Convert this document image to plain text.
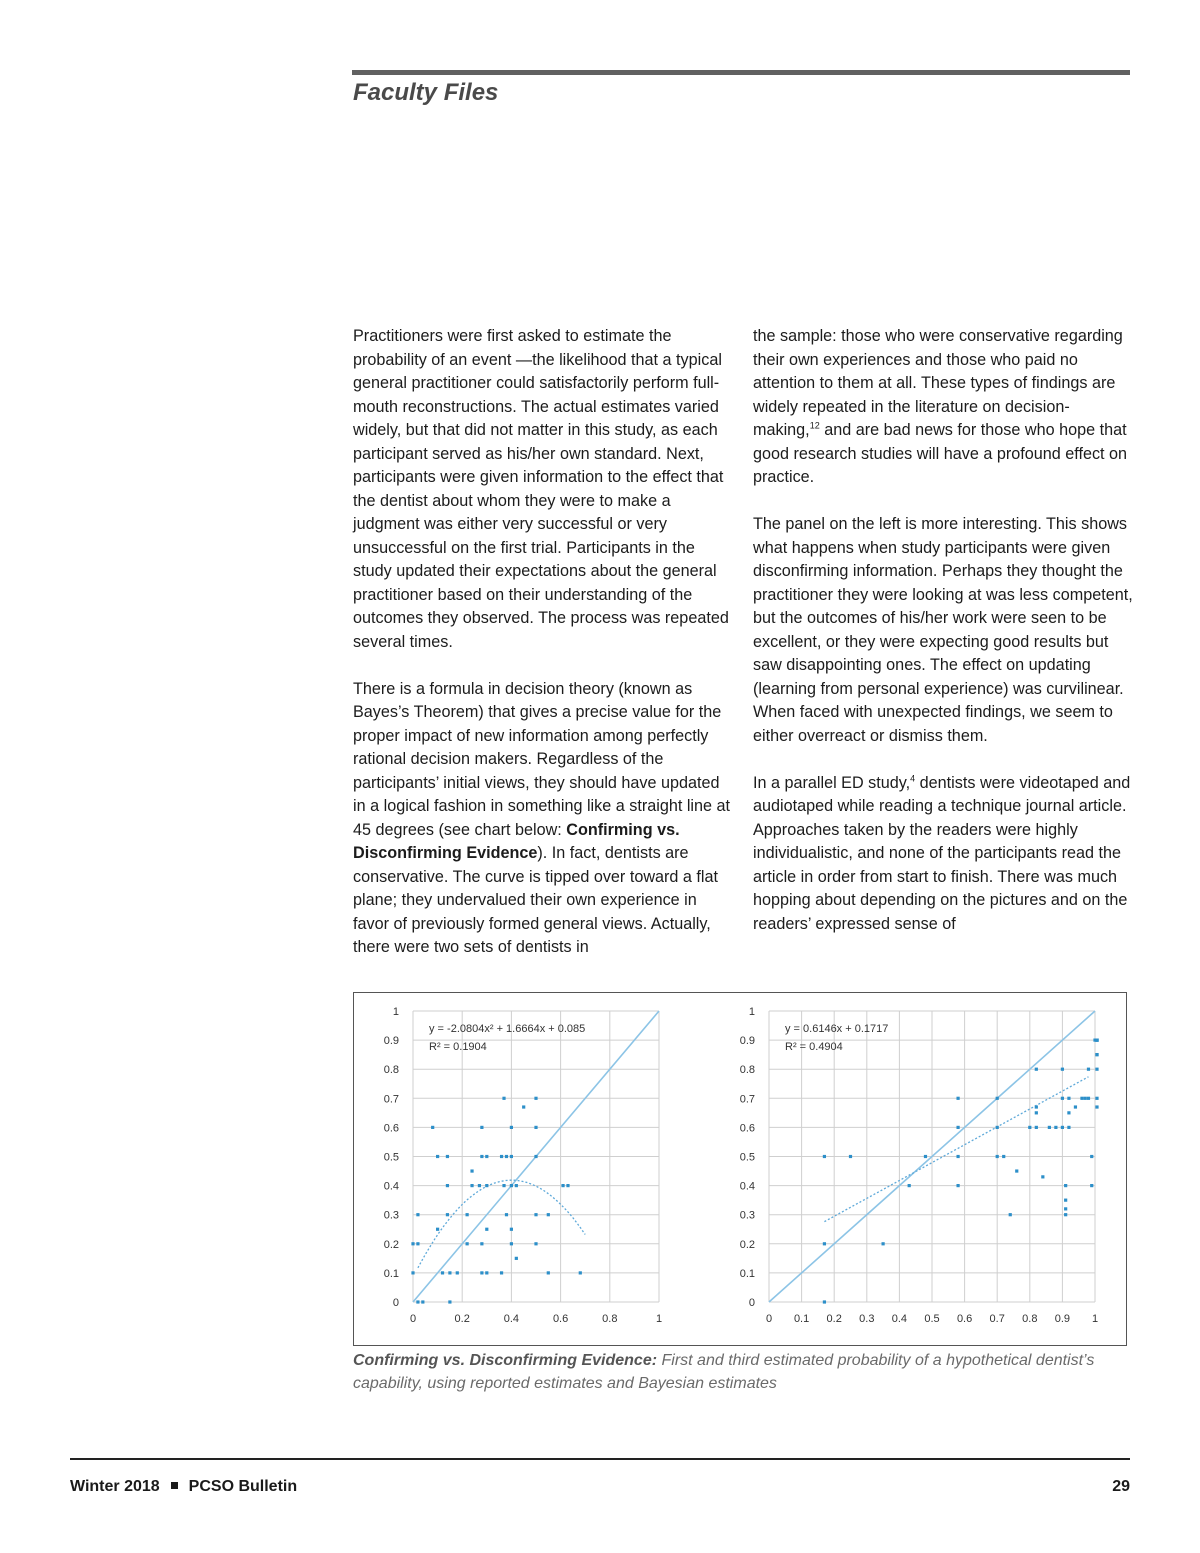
Faculty Files

Practitioners were first asked to estimate the probability of an event —the likelihood that a typical general practitioner could satisfactorily perform full-mouth reconstructions. The actual estimates varied widely, but that did not matter in this study, as each participant served as his/her own standard. Next, participants were given information to the effect that the dentist about whom they were to make a judgment was either very successful or very unsuccessful on the first trial. Participants in the study updated their expectations about the general practitioner based on their understanding of the outcomes they observed. The process was repeated several times.

There is a formula in decision theory (known as Bayes’s Theorem) that gives a precise value for the proper impact of new information among perfectly rational decision makers. Regardless of the participants’ initial views, they should have updated in a logical fashion in something like a straight line at 45 degrees (see chart below: Confirming vs. Disconfirming Evidence). In fact, dentists are conservative. The curve is tipped over toward a flat plane; they undervalued their own experience in favor of previously formed general views. Actually, there were two sets of dentists in

the sample: those who were conservative regarding their own experiences and those who paid no attention to them at all. These types of findings are widely repeated in the literature on decision-making,$^{12}$ and are bad news for those who hope that good research studies will have a profound effect on practice.

The panel on the left is more interesting. This shows what happens when study participants were given disconfirming information. Perhaps they thought the practitioner they were looking at was less competent, but the outcomes of his/her work were seen to be excellent, or they were expecting good results but saw disappointing ones. The effect on updating (learning from personal experience) was curvilinear. When faced with unexpected findings, we seem to either overreact or dismiss them.

In a parallel ED study,$^4$ dentists were videotaped and audiotaped while reading a technique journal article. Approaches taken by the readers were highly individualistic, and none of the participants read the article in order from start to finish. There was much hopping about depending on the pictures and on the readers’ expressed sense of

0
0.1
0.2
0.3
0.4
0.5
0.6
0.7
0.8
0.9
1
0	0.2	0.4	0.6	0.8	1
y = -2.0804x² + 1.6664x + 0.085
R² = 0.1904
0
0.1
0.2
0.3
0.4
0.5
0.6
0.7
0.8
0.9
1
0 0.1 0.2 0.3 0.4 0.5 0.6 0.7 0.8 0.9 1
y = 0.6146x + 0.1717
R² = 0.4904
Confirming vs. Disconfirming Evidence: First and third estimated probability of a hypothetical dentist’s capability, using reported estimates and Bayesian estimates
Winter 2018 PCSO Bulletin	29
